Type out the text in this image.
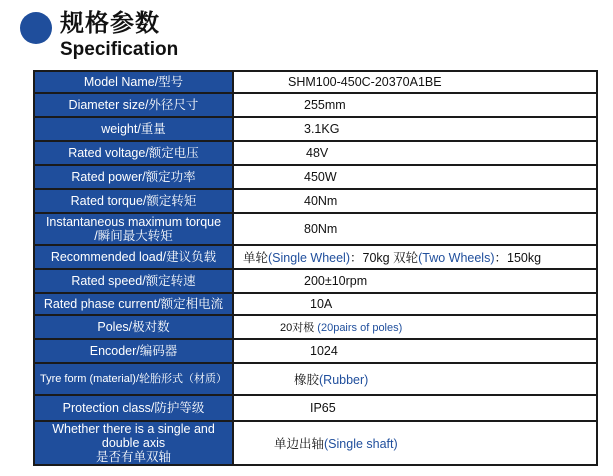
规格参数
Specification
Model Name/型号	SHM100-450C-20370A1BE
Diameter size/外径尺寸	255mm
weight/重量	3.1KG
Rated voltage/额定电压	48V
Rated power/额定功率	450W
Rated torque/额定转矩	40Nm

Instantaneous maximum torque
/瞬间最大转矩	80Nm
Recommended load/建议负载	单轮(Single Wheel)：70kg 双轮(Two Wheels)：150kg
Rated speed/额定转速	200±10rpm
Rated phase current/额定相电流	10A
Poles/极对数	20对极 (20pairs of poles)
Encoder/编码器	1024
Tyre form (material)/轮胎形式（材质）	橡胶(Rubber)
Protection class/防护等级	IP65

Whether there is a single and double axis
是否有单双轴	单边出轴(Single shaft)
